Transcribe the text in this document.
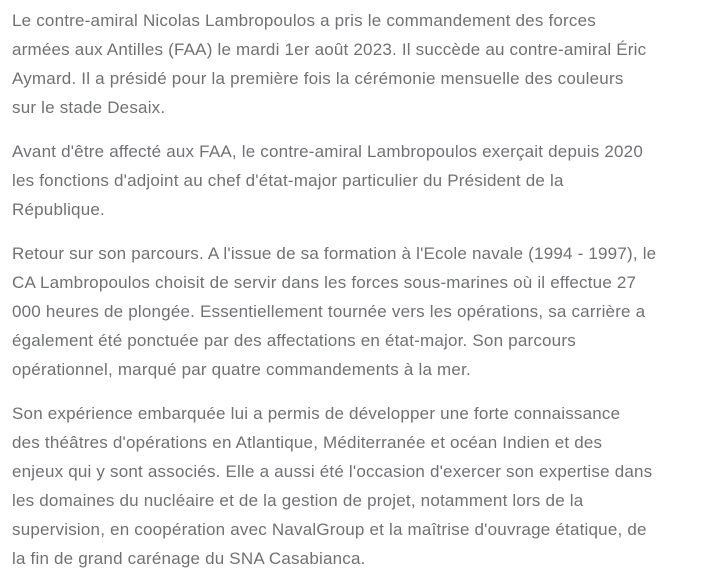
Le contre-amiral Nicolas Lambropoulos a pris le commandement des forces
armées aux Antilles (FAA) le mardi 1er août 2023. Il succède au contre-amiral Éric
Aymard. Il a présidé pour la première fois la cérémonie mensuelle des couleurs
sur le stade Desaix.

Avant d'être affecté aux FAA, le contre-amiral Lambropoulos exerçait depuis 2020
les fonctions d'adjoint au chef d'état-major particulier du Président de la
République.

Retour sur son parcours. A l'issue de sa formation à l'Ecole navale (1994 - 1997), le
CA Lambropoulos choisit de servir dans les forces sous-marines où il effectue 27
000 heures de plongée. Essentiellement tournée vers les opérations, sa carrière a
également été ponctuée par des affectations en état-major. Son parcours
opérationnel, marqué par quatre commandements à la mer.

Son expérience embarquée lui a permis de développer une forte connaissance
des théâtres d'opérations en Atlantique, Méditerranée et océan Indien et des
enjeux qui y sont associés. Elle a aussi été l'occasion d'exercer son expertise dans
les domaines du nucléaire et de la gestion de projet, notamment lors de la
supervision, en coopération avec NavalGroup et la maîtrise d'ouvrage étatique, de
la fin de grand carénage du SNA Casabianca.
